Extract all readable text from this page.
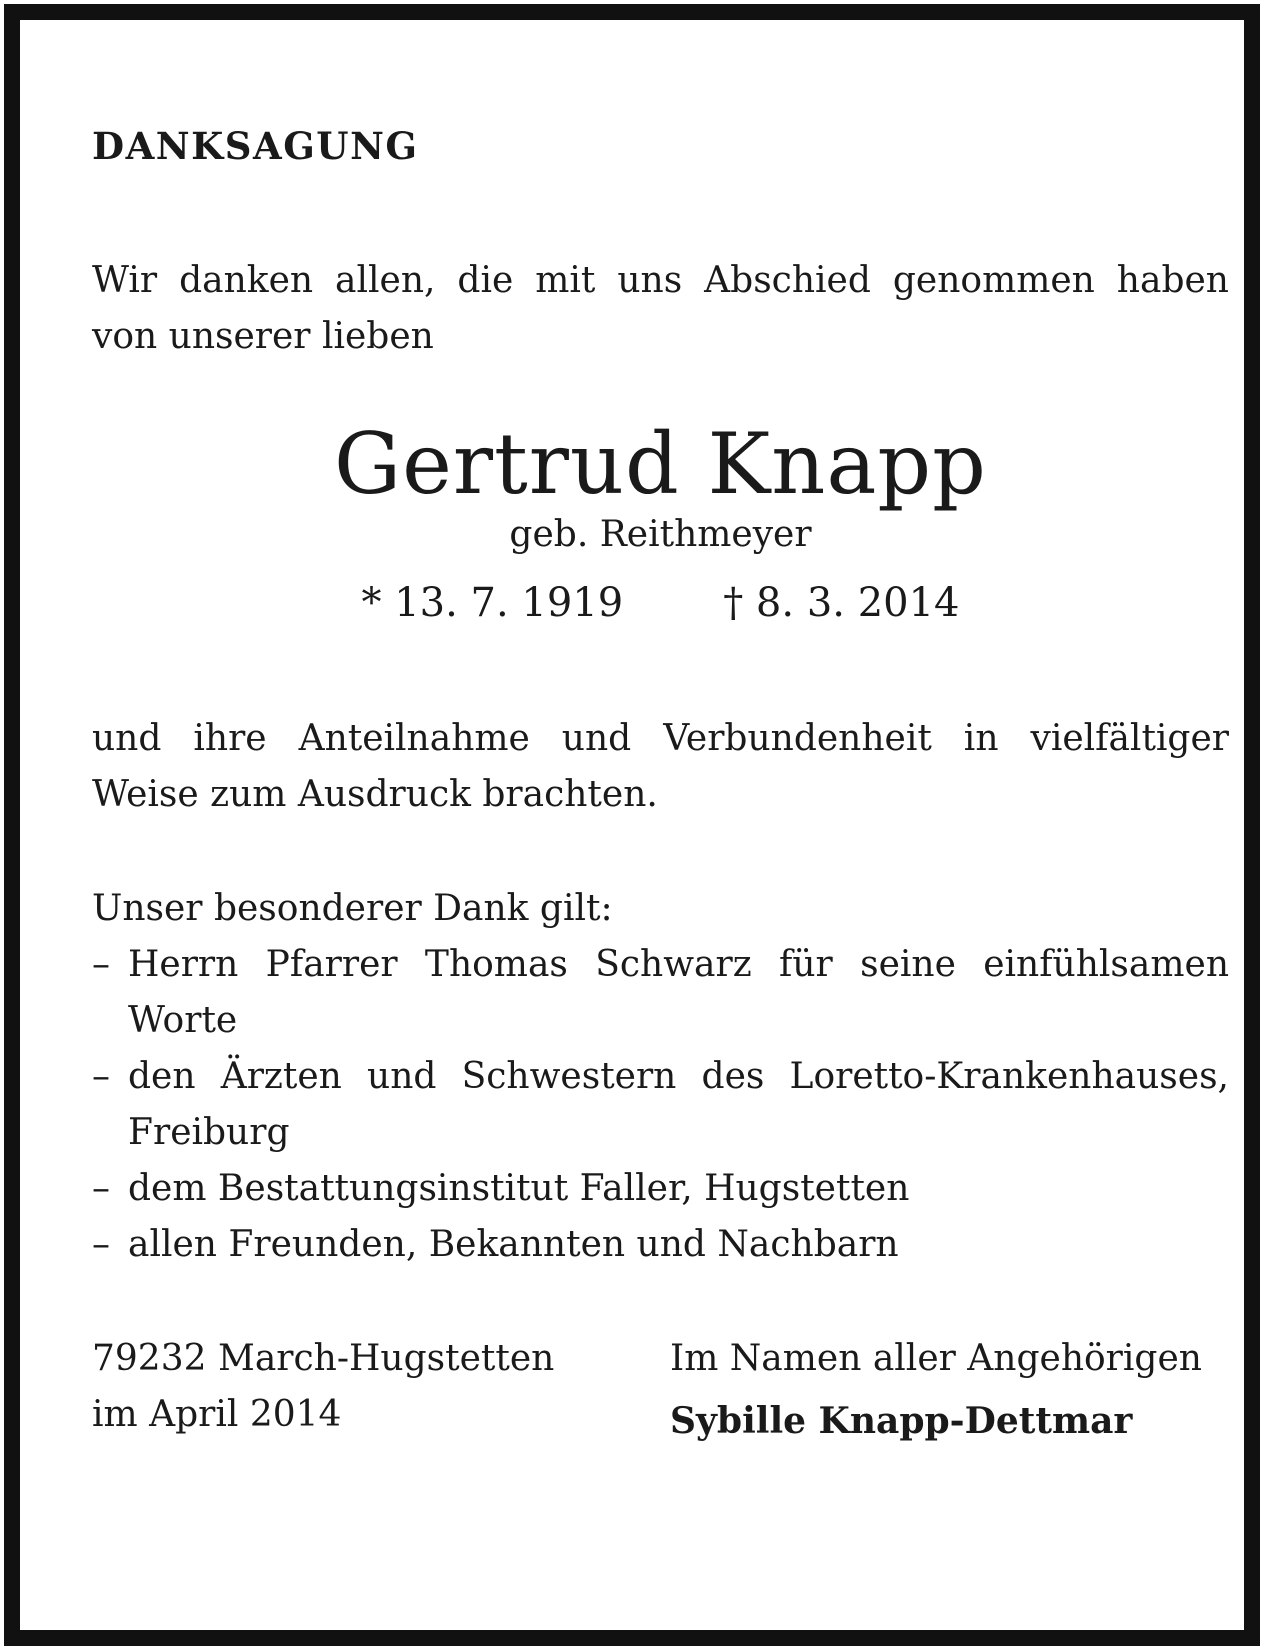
DANKSAGUNG
Wir danken allen, die mit uns Abschied genommen haben
von unserer lieben
Gertrud Knapp
geb. Reithmeyer
* 13. 7. 1919	† 8. 3. 2014
und ihre Anteilnahme und Verbundenheit in vielfältiger
Weise zum Ausdruck brachten.
Unser besonderer Dank gilt:
– Herrn Pfarrer Thomas Schwarz für seine einfühlsamen Worte
– den Ärzten und Schwestern des Loretto-Krankenhauses, Freiburg
– dem Bestattungsinstitut Faller, Hugstetten
– allen Freunden, Bekannten und Nachbarn
79232 March-Hugstetten
im April 2014
Im Namen aller Angehörigen
Sybille Knapp-Dettmar
